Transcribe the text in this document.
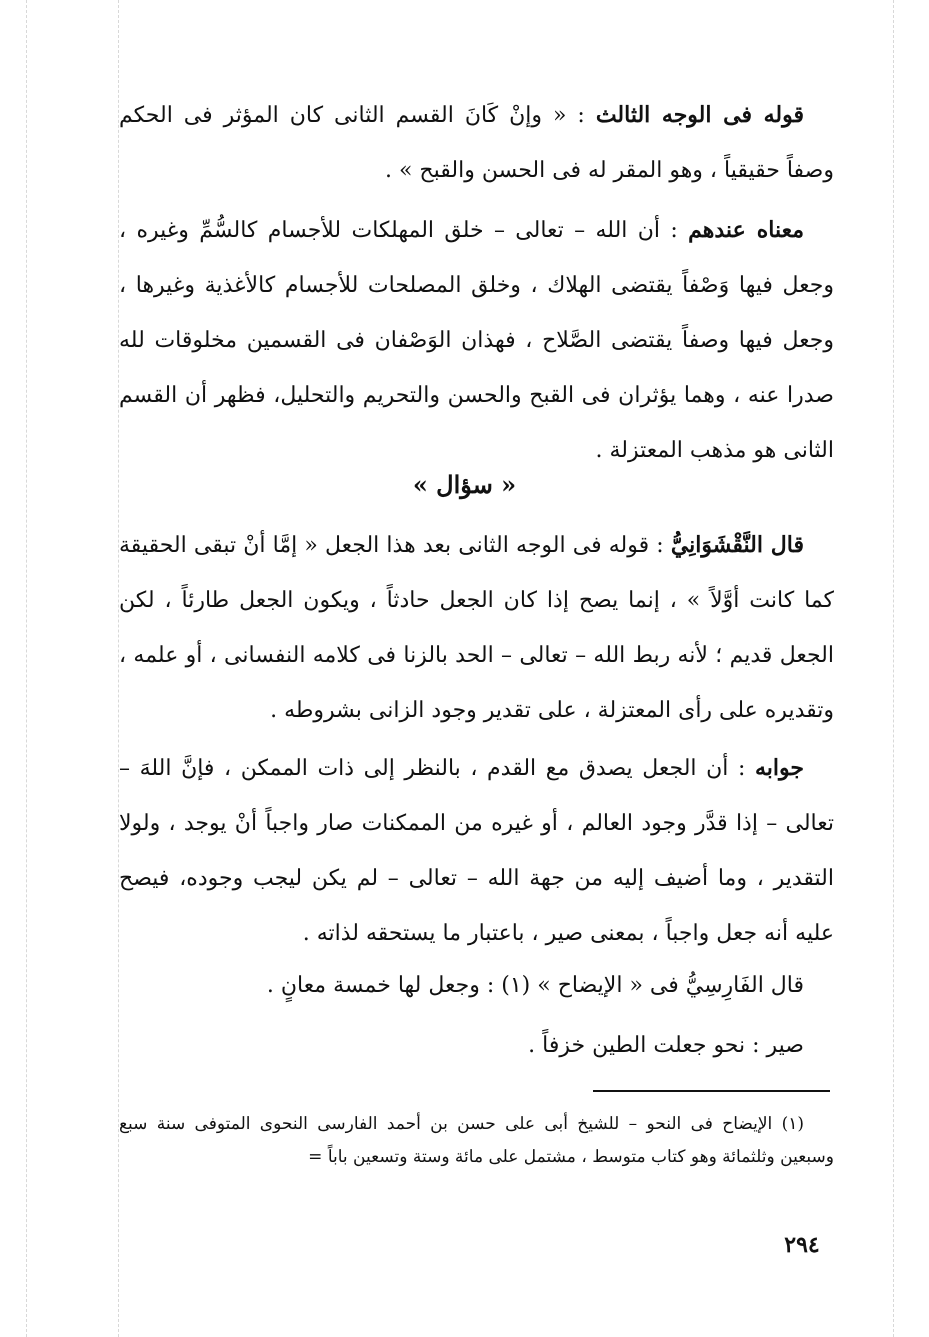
قوله فى الوجه الثالث : « وإنْ كَانَ القسم الثانى كان المؤثر فى الحكم وصفاً حقيقياً ، وهو المقر له فى الحسن والقبح » .

معناه عندهم : أن الله – تعالى – خلق المهلكات للأجسام كالسُّمِّ وغيره ، وجعل فيها وَصْفاً يقتضى الهلاك ، وخلق المصلحات للأجسام كالأغذية وغيرها ، وجعل فيها وصفاً يقتضى الصَّلاح ، فهذان الوَصْفان فى القسمين مخلوقات لله صدرا عنه ، وهما يؤثران فى القبح والحسن والتحريم والتحليل، فظهر أن القسم الثانى هو مذهب المعتزلة .

« سؤال »

قال النَّقْشَوَانِيُّ : قوله فى الوجه الثانى بعد هذا الجعل « إمَّا أنْ تبقى الحقيقة كما كانت أوَّلاً » ، إنما يصح إذا كان الجعل حادثاً ، ويكون الجعل طارئاً ، لكن الجعل قديم ؛ لأنه ربط الله – تعالى – الحد بالزنا فى كلامه النفسانى ، أو علمه ، وتقديره على رأى المعتزلة ، على تقدير وجود الزانى بشروطه .

جوابه : أن الجعل يصدق مع القدم ، بالنظر إلى ذات الممكن ، فإنَّ اللهَ – تعالى – إذا قدَّر وجود العالم ، أو غيره من الممكنات صار واجباً أنْ يوجد ، ولولا التقدير ، وما أضيف إليه من جهة الله – تعالى – لم يكن ليجب وجوده، فيصح عليه أنه جعل واجباً ، بمعنى صير ، باعتبار ما يستحقه لذاته .

قال الفَارِسِيُّ فى « الإيضاح » (١) : وجعل لها خمسة معانٍ .

صير : نحو جعلت الطين خزفاً .

(١) الإيضاح فى النحو – للشيخ أبى على حسن بن أحمد الفارسى النحوى المتوفى سنة سبع وسبعين وثلثمائة وهو كتاب متوسط ، مشتمل على مائة وستة وتسعين باباً =

٢٩٤
